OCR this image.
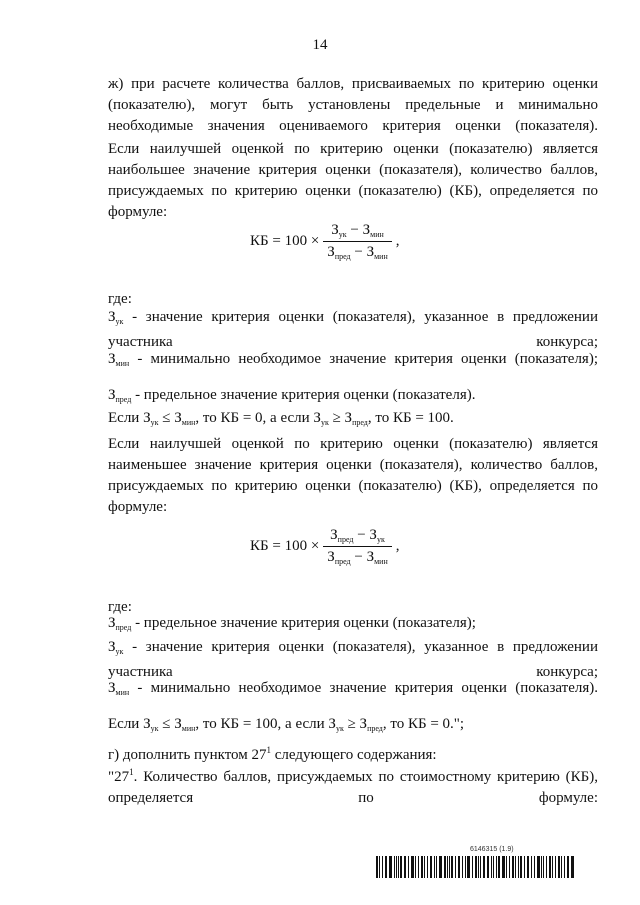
14
ж) при расчете количества баллов, присваиваемых по критерию оценки (показателю), могут быть установлены предельные и минимально необходимые значения оцениваемого критерия оценки (показателя).
Если наилучшей оценкой по критерию оценки (показателю) является наибольшее значение критерия оценки (показателя), количество баллов, присуждаемых по критерию оценки (показателю) (КБ), определяется по формуле:
КБ = $100 \times \frac{З_{ук} - З_{мин}}{З_{пред} - З_{мин}}$ ,
где:
$З_{ук}$ - значение критерия оценки (показателя), указанное в предложении участника конкурса;
$З_{мин}$ - минимально необходимое значение критерия оценки (показателя);
$З_{пред}$ - предельное значение критерия оценки (показателя).
Если $З_{ук} \le З_{мин}$, то КБ = 0, а если $З_{ук} \ge З_{пред}$, то КБ = 100.
Если наилучшей оценкой по критерию оценки (показателю) является наименьшее значение критерия оценки (показателя), количество баллов, присуждаемых по критерию оценки (показателю) (КБ), определяется по формуле:
КБ = $100 \times \frac{З_{пред} - З_{ук}}{З_{пред} - З_{мин}}$ ,
где:
$З_{пред}$ - предельное значение критерия оценки (показателя);
$З_{ук}$ - значение критерия оценки (показателя), указанное в предложении участника конкурса;
$З_{мин}$ - минимально необходимое значение критерия оценки (показателя).
Если $З_{ук} \le З_{мин}$, то КБ = 100, а если $З_{ук} \ge З_{пред}$, то КБ = 0.";
г) дополнить пунктом $27^1$ следующего содержания:
"$27^1$. Количество баллов, присуждаемых по стоимостному критерию (КБ), определяется по формуле:
6146315 (1.9)
